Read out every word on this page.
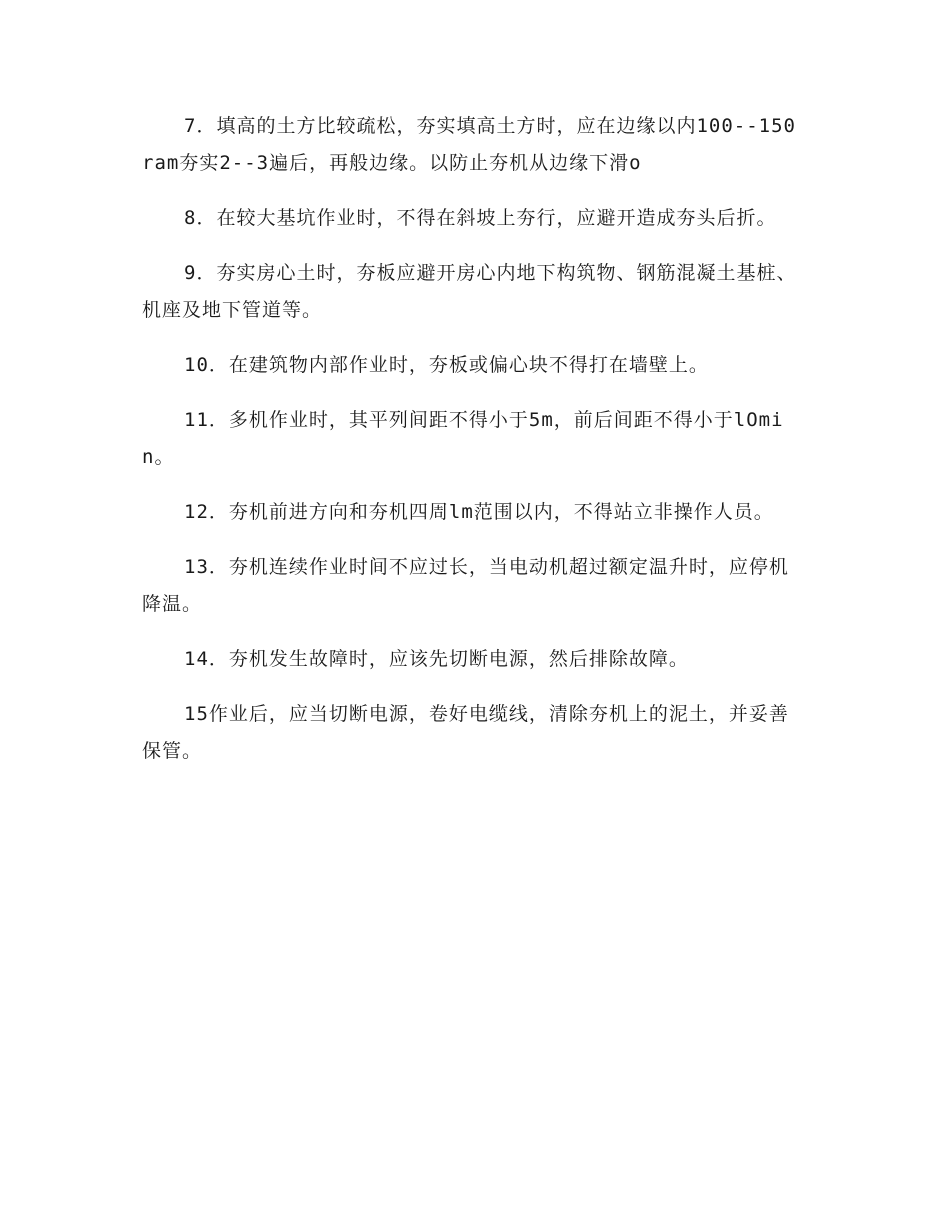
7．填高的土方比较疏松，夯实填高土方时，应在边缘以内100--150ram夯实2--3遍后，再般边缘。以防止夯机从边缘下滑o

8．在较大基坑作业时，不得在斜坡上夯行，应避开造成夯头后折。

9．夯实房心土时，夯板应避开房心内地下构筑物、钢筋混凝土基桩、机座及地下管道等。

10．在建筑物内部作业时，夯板或偏心块不得打在墙壁上。

11．多机作业时，其平列间距不得小于5m，前后间距不得小于lOmin。

12．夯机前进方向和夯机四周lm范围以内，不得站立非操作人员。

13．夯机连续作业时间不应过长，当电动机超过额定温升时，应停机降温。

14．夯机发生故障时，应该先切断电源，然后排除故障。

15作业后，应当切断电源，卷好电缆线，清除夯机上的泥土，并妥善保管。
